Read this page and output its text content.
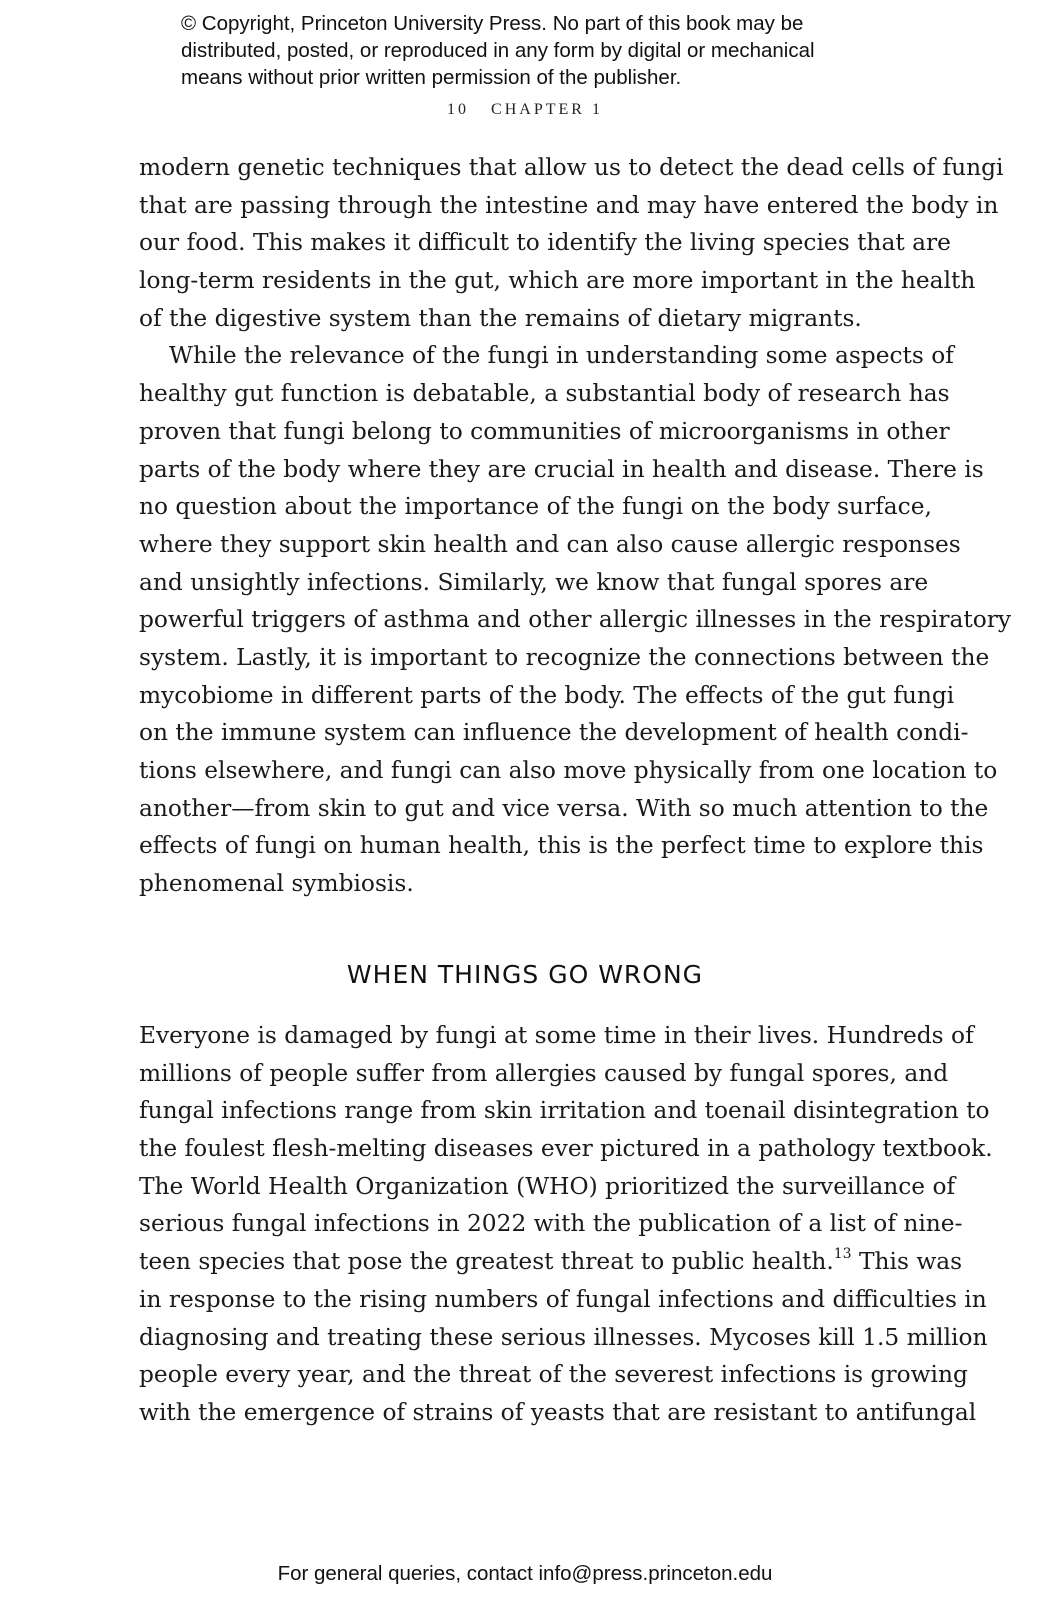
© Copyright, Princeton University Press. No part of this book may be
distributed, posted, or reproduced in any form by digital or mechanical
means without prior written permission of the publisher.
10 CHAPTER 1
modern genetic techniques that allow us to detect the dead cells of fungi
that are passing through the intestine and may have entered the body in
our food. This makes it difficult to identify the living species that are
long-term residents in the gut, which are more important in the health
of the digestive system than the remains of dietary migrants.
While the relevance of the fungi in understanding some aspects of
healthy gut function is debatable, a substantial body of research has
proven that fungi belong to communities of microorganisms in other
parts of the body where they are crucial in health and disease. There is
no question about the importance of the fungi on the body surface,
where they support skin health and can also cause allergic responses
and unsightly infections. Similarly, we know that fungal spores are
powerful triggers of asthma and other allergic illnesses in the respiratory
system. Lastly, it is important to recognize the connections between the
mycobiome in different parts of the body. The effects of the gut fungi
on the immune system can influence the development of health condi-
tions elsewhere, and fungi can also move physically from one location to
another—from skin to gut and vice versa. With so much attention to the
effects of fungi on human health, this is the perfect time to explore this
phenomenal symbiosis.
WHEN THINGS GO WRONG
Everyone is damaged by fungi at some time in their lives. Hundreds of
millions of people suffer from allergies caused by fungal spores, and
fungal infections range from skin irritation and toenail disintegration to
the foulest flesh-melting diseases ever pictured in a pathology textbook.
The World Health Organization (WHO) prioritized the surveillance of
serious fungal infections in 2022 with the publication of a list of nine-
teen species that pose the greatest threat to public health.$^{13}$ This was
in response to the rising numbers of fungal infections and difficulties in
diagnosing and treating these serious illnesses. Mycoses kill 1.5 million
people every year, and the threat of the severest infections is growing
with the emergence of strains of yeasts that are resistant to antifungal
For general queries, contact info@press.princeton.edu
